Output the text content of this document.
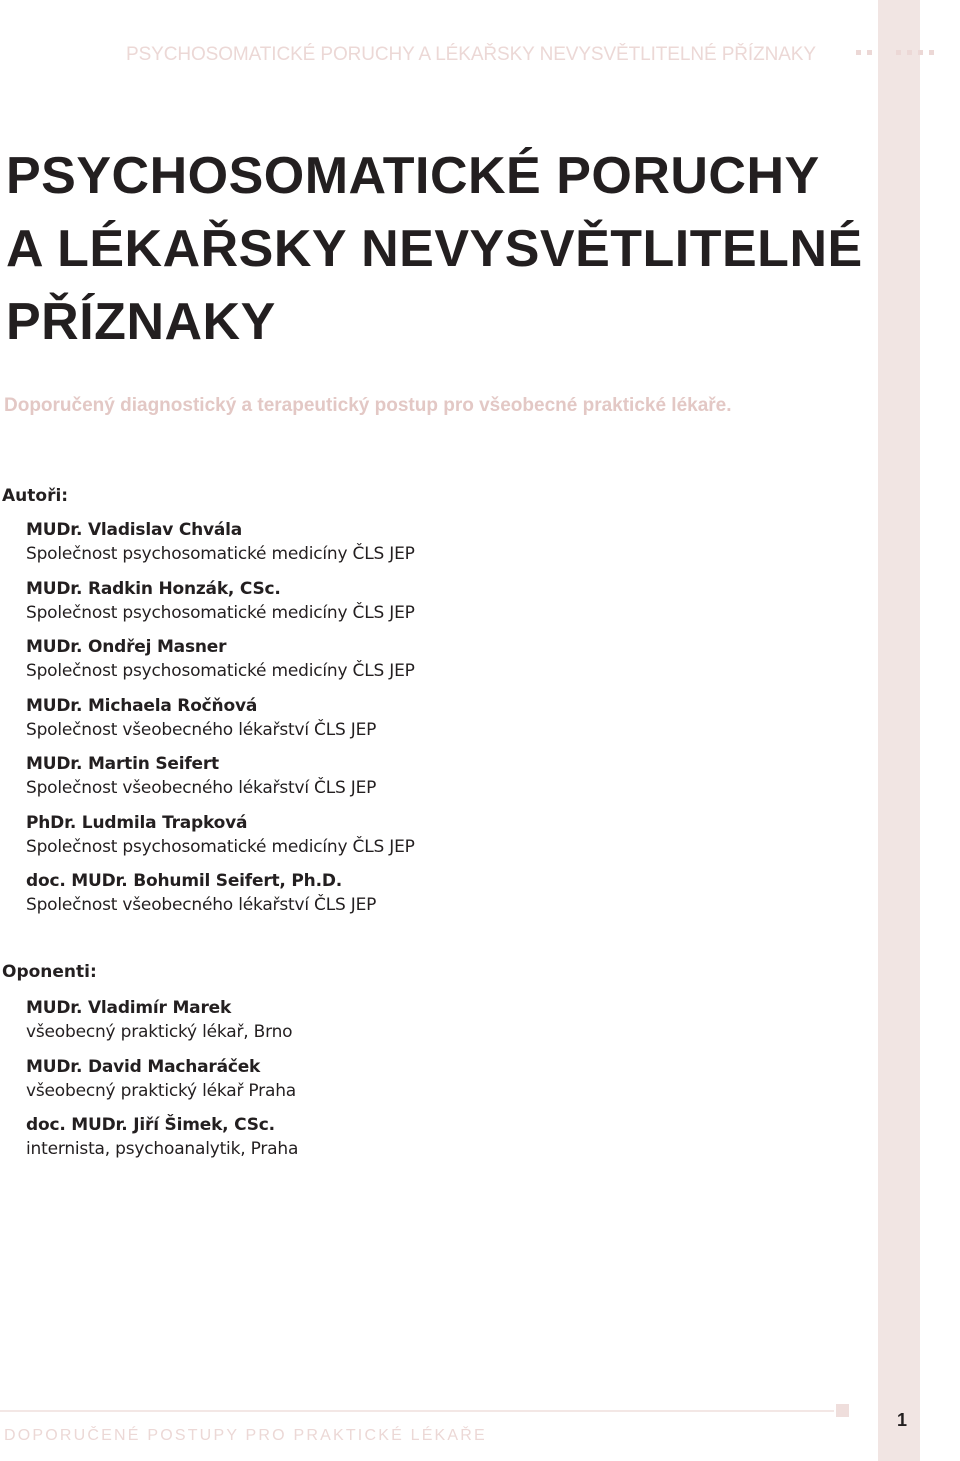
PSYCHOSOMATICKÉ PORUCHY A LÉKAŘSKY NEVYSVĚTLITELNÉ PŘÍZNAKY

PSYCHOSOMATICKÉ PORUCHY
A LÉKAŘSKY NEVYSVĚTLITELNÉ
PŘÍZNAKY

Doporučený diagnostický a terapeutický postup pro všeobecné praktické lékaře.

Autoři:
MUDr. Vladislav Chvála
Společnost psychosomatické medicíny ČLS JEP
MUDr. Radkin Honzák, CSc.
Společnost psychosomatické medicíny ČLS JEP
MUDr. Ondřej Masner
Společnost psychosomatické medicíny ČLS JEP
MUDr. Michaela Ročňová
Společnost všeobecného lékařství ČLS JEP
MUDr. Martin Seifert
Společnost všeobecného lékařství ČLS JEP
PhDr. Ludmila Trapková
Společnost psychosomatické medicíny ČLS JEP
doc. MUDr. Bohumil Seifert, Ph.D.
Společnost všeobecného lékařství ČLS JEP
Oponenti:
MUDr. Vladimír Marek
všeobecný praktický lékař, Brno
MUDr. David Macharáček
všeobecný praktický lékař Praha
doc. MUDr. Jiří Šimek, CSc.
internista, psychoanalytik, Praha

DOPORUČENÉ POSTUPY PRO PRAKTICKÉ LÉKAŘE

1
